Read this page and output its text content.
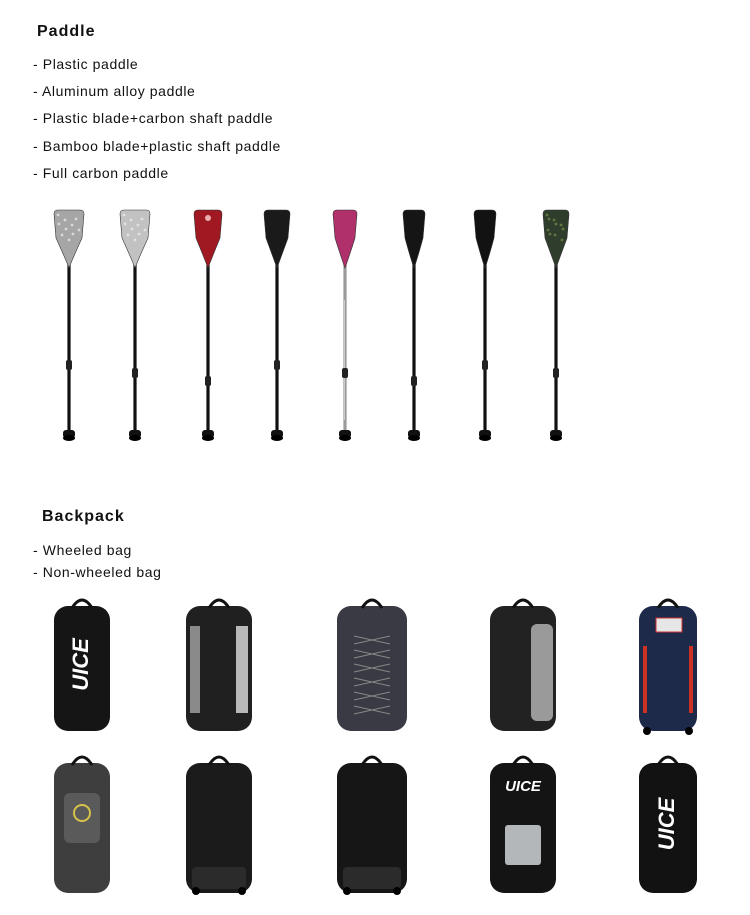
Paddle
- Plastic paddle
- Aluminum alloy paddle
- Plastic blade+carbon shaft paddle
- Bamboo blade+plastic shaft paddle
- Full carbon paddle
Backpack
- Wheeled bag
- Non-wheeled bag
UICE
UICE
UICE
